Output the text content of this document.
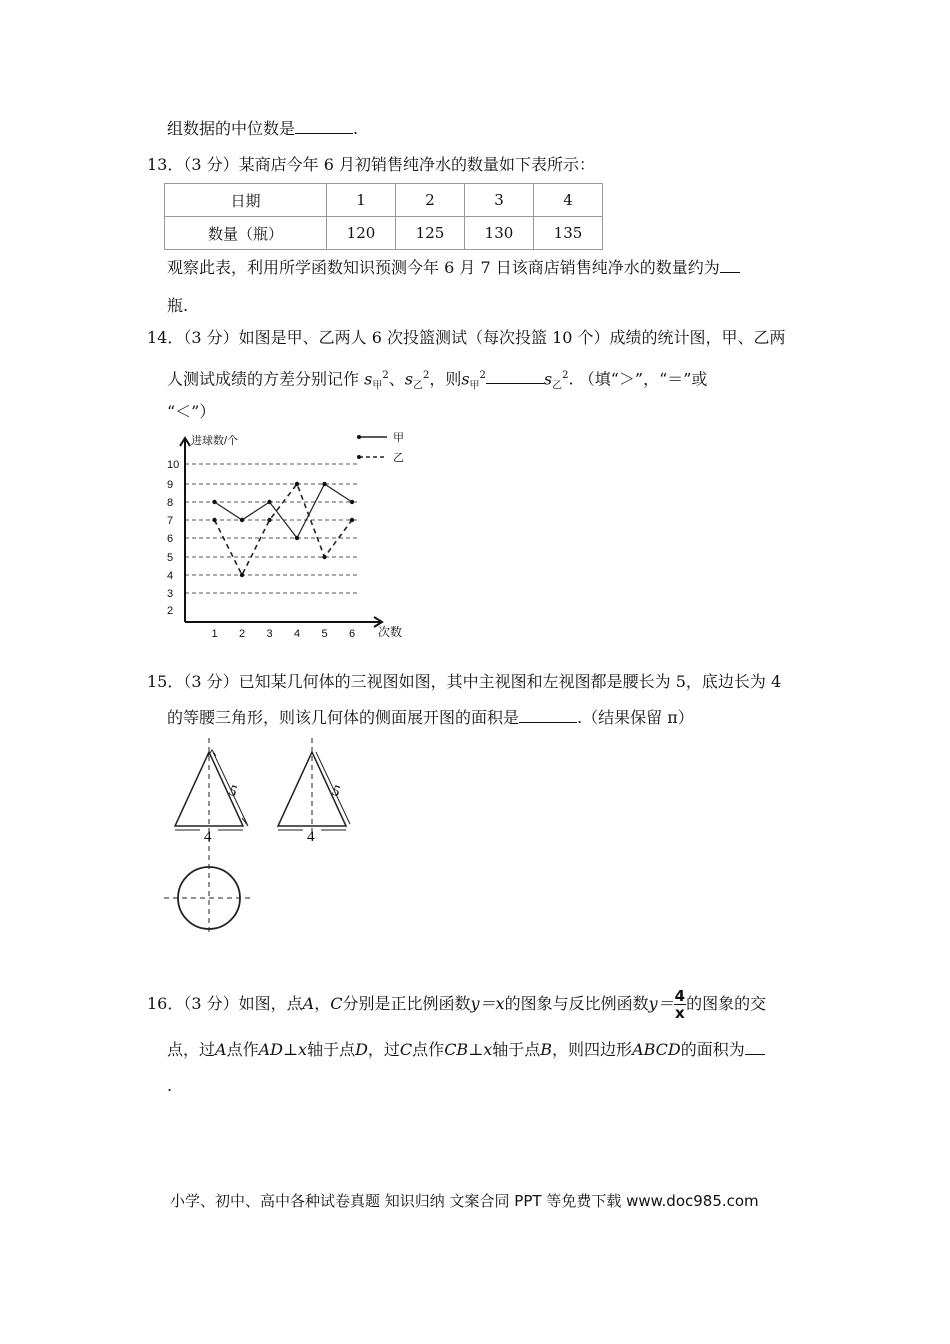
组数据的中位数是	.
13．（3 分）某商店今年 6 月初销售纯净水的数量如下表所示：
日期	1	2	3	4
数量（瓶）	120	125	130	135
观察此表，利用所学函数知识预测今年 6 月 7 日该商店销售纯净水的数量约为
瓶.
14．（3 分）如图是甲、乙两人 6 次投篮测试（每次投篮 10 个）成绩的统计图，甲、乙两
人测试成绩的方差分别记作 $s_甲^2$、$s_乙^2$，则$s_甲^2$	$s_乙^2$. （填“＞”，“＝”或
“＜”）
2
3
4
5
6
7
8
9
10
1 2 3 4 5 6
进球数/个
次数
甲
乙
15．（3 分）已知某几何体的三视图如图，其中主视图和左视图都是腰长为 5，底边长为 4
的等腰三角形，则该几何体的侧面展开图的面积是	.（结果保留 π）
5
4
5
4
16．（3 分）如图，点A，C分别是正比例函数y＝x的图象与反比例函数$y= \frac{4}{x}$ 的图象的交
点，过A点作AD⊥x轴于点D，过C点作CB⊥x轴于点B，则四边形ABCD的面积为
.
小学、初中、高中各种试卷真题 知识归纳 文案合同 PPT 等免费下载 www.doc985.com
